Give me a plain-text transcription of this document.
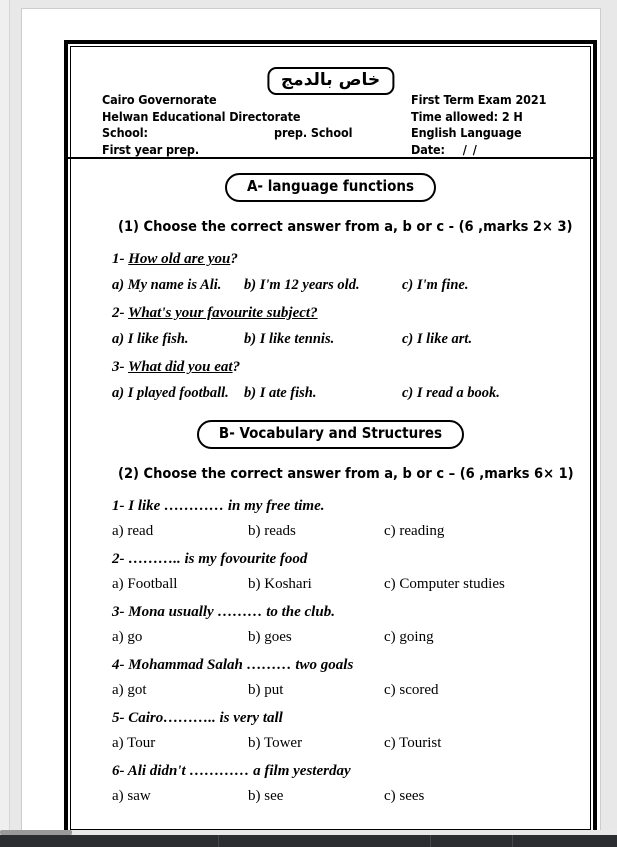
خاص بالدمج
Cairo Governorate
Helwan Educational Directorate
School:	prep. School
First year prep.
First Term Exam 2021
Time allowed: 2 H
English Language
Date: / /
A- language functions
(1) Choose the correct answer from a, b or c - (6 ,marks 2× 3)
1- How old are you?
a) My name is Ali. b) I'm 12 years old.	c) I'm fine.
2- What's your favourite subject?
a) I like fish.	b) I like tennis.	c) I like art.
3- What did you eat?
a) I played football. b) I ate fish.	c) I read a book.
B- Vocabulary and Structures
(2) Choose the correct answer from a, b or c – (6 ,marks 6× 1)
1- I like ………… in my free time.
a) read	b) reads	c) reading
2- ……….. is my fovourite food
a) Football	b) Koshari	c) Computer studies
3- Mona usually ……… to the club.
a) go	b) goes	c) going
4- Mohammad Salah ……… two goals
a) got	b) put	c) scored
5- Cairo……….. is very tall
a) Tour	b) Tower	c) Tourist
6- Ali didn't ………… a film yesterday
a) saw	b) see	c) sees
